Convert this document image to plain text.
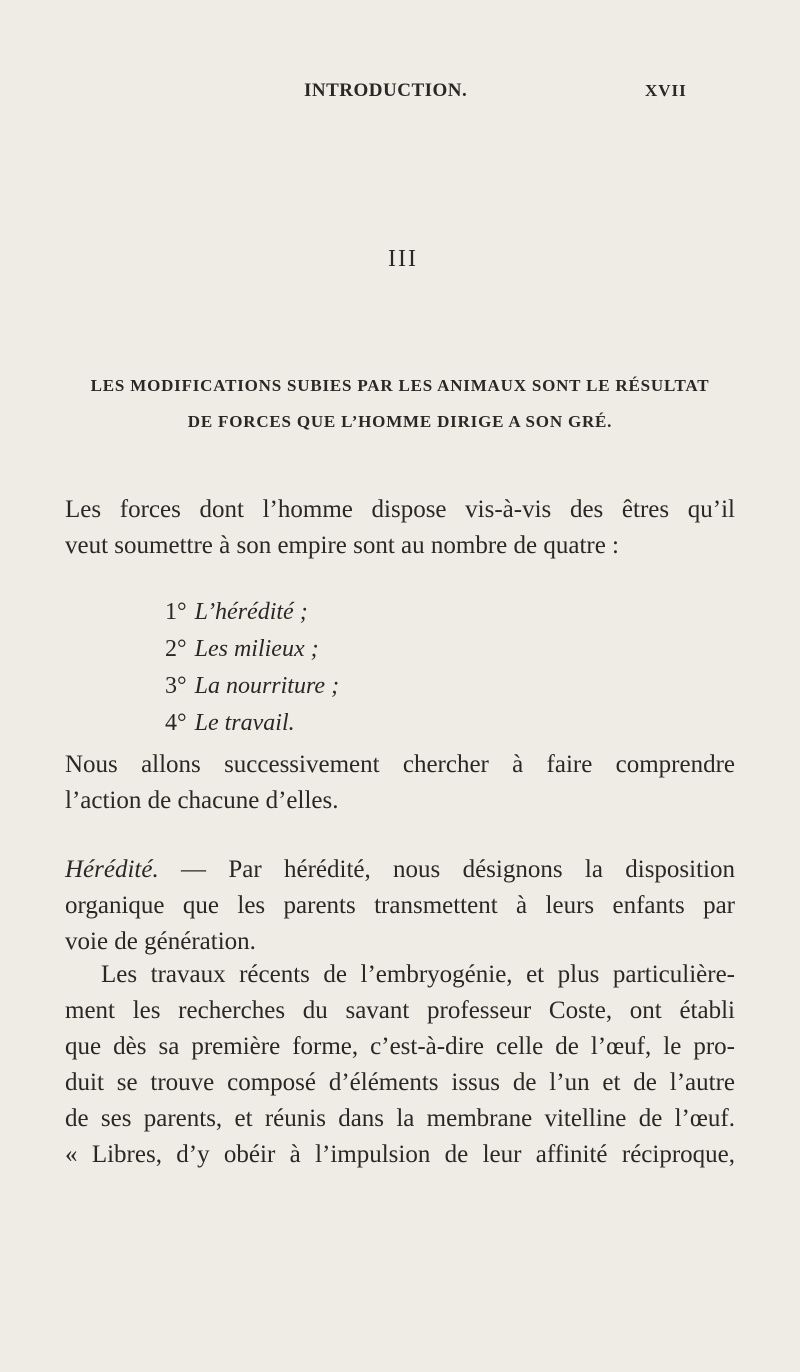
INTRODUCTION.	XVII
III
LES MODIFICATIONS SUBIES PAR LES ANIMAUX SONT LE RÉSULTAT
DE FORCES QUE L’HOMME DIRIGE A SON GRÉ.
Les forces dont l’homme dispose vis-à-vis des êtres qu’il
veut soumettre à son empire sont au nombre de quatre :
1° L’hérédité ;
2° Les milieux ;
3° La nourriture ;
4° Le travail.
Nous allons successivement chercher à faire comprendre
l’action de chacune d’elles.
Hérédité. — Par hérédité, nous désignons la disposition
organique que les parents transmettent à leurs enfants par
voie de génération.
Les travaux récents de l’embryogénie, et plus particulière-
ment les recherches du savant professeur Coste, ont établi
que dès sa première forme, c’est-à-dire celle de l’œuf, le pro-
duit se trouve composé d’éléments issus de l’un et de l’autre
de ses parents, et réunis dans la membrane vitelline de l’œuf.
« Libres, d’y obéir à l’impulsion de leur affinité réciproque,
